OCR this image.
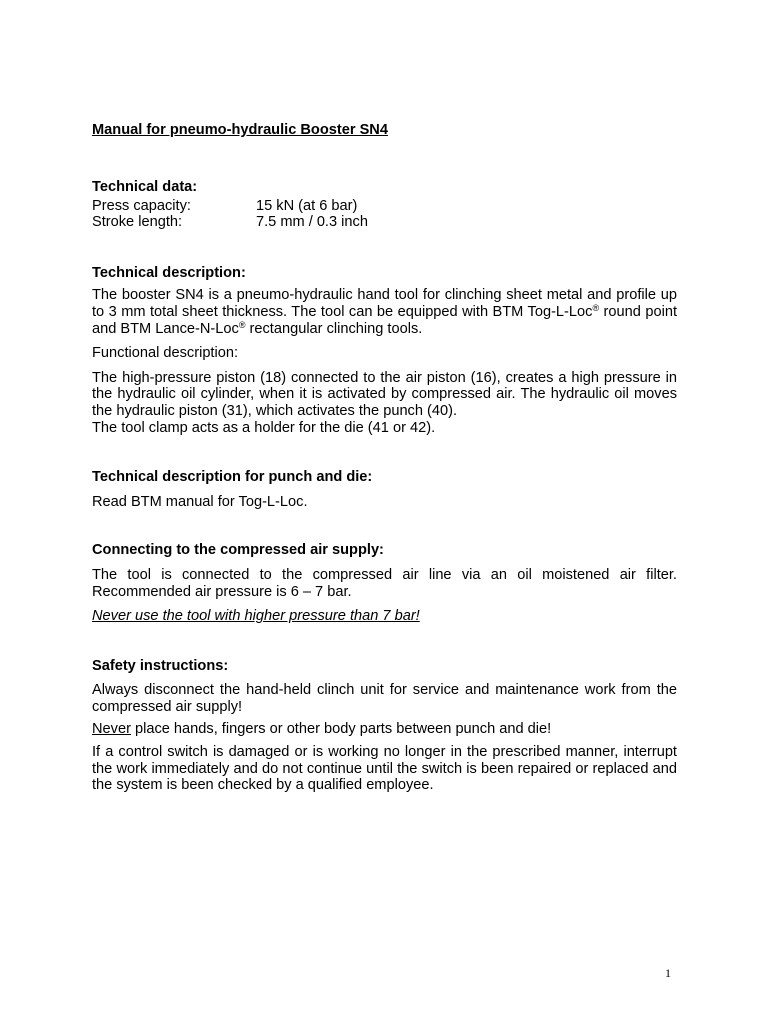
Manual for pneumo-hydraulic Booster SN4

Technical data:

Press capacity:	15 kN (at 6 bar)
Stroke length:	7.5 mm / 0.3 inch

Technical description:

The booster SN4 is a pneumo-hydraulic hand tool for clinching sheet metal and profile up to 3 mm total sheet thickness. The tool can be equipped with BTM Tog-L-Loc® round point and BTM Lance-N-Loc® rectangular clinching tools.

Functional description:

The high-pressure piston (18) connected to the air piston (16), creates a high pressure in the hydraulic oil cylinder, when it is activated by compressed air. The hydraulic oil moves the hydraulic piston (31), which activates the punch (40).

The tool clamp acts as a holder for the die (41 or 42).

Technical description for punch and die:

Read BTM manual for Tog-L-Loc.

Connecting to the compressed air supply:

The tool is connected to the compressed air line via an oil moistened air filter. Recommended air pressure is 6 – 7 bar.

Never use the tool with higher pressure than 7 bar!

Safety instructions:

Always disconnect the hand-held clinch unit for service and maintenance work from the compressed air supply!

Never place hands, fingers or other body parts between punch and die!

If a control switch is damaged or is working no longer in the prescribed manner, interrupt the work immediately and do not continue until the switch is been repaired or replaced and the system is been checked by a qualified employee.

1
